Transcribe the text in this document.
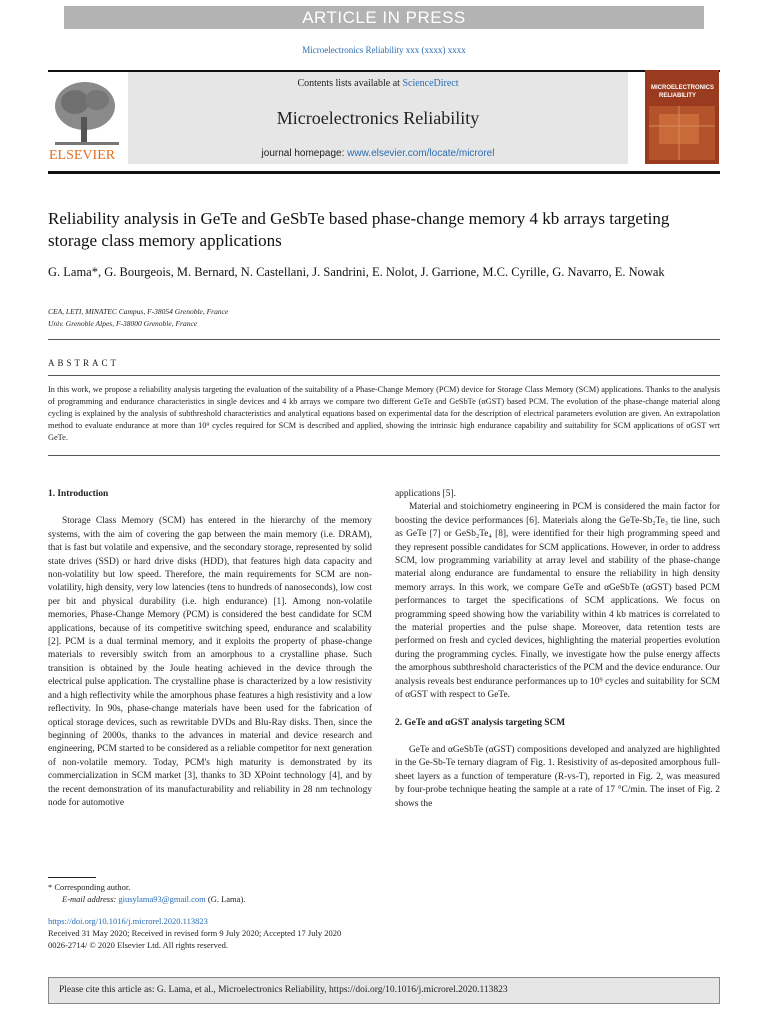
ARTICLE IN PRESS
Microelectronics Reliability xxx (xxxx) xxxx
ELSEVIER
Contents lists available at ScienceDirect
Microelectronics Reliability
journal homepage: www.elsevier.com/locate/microrel
MICROELECTRONICS
RELIABILITY
Reliability analysis in GeTe and GeSbTe based phase-change memory 4 kb arrays targeting storage class memory applications
G. Lama*, G. Bourgeois, M. Bernard, N. Castellani, J. Sandrini, E. Nolot, J. Garrione, M.C. Cyrille, G. Navarro, E. Nowak
CEA, LETI, MINATEC Campus, F-38054 Grenoble, France
Univ. Grenoble Alpes, F-38000 Grenoble, France
ABSTRACT
In this work, we propose a reliability analysis targeting the evaluation of the suitability of a Phase-Change Memory (PCM) device for Storage Class Memory (SCM) applications. Thanks to the analysis of programming and endurance characteristics in single devices and 4 kb arrays we compare two different GeTe and GeSbTe (αGST) based PCM. The evolution of the phase-change material along cycling is explained by the analysis of subthreshold characteristics and analytical equations based on experimental data for the description of electrical parameters evolution are given. An extrapolation method to evaluate endurance at more than 10⁹ cycles required for SCM is described and applied, showing the intrinsic high endurance capability and suitability for SCM applications of αGST wrt GeTe.

1. Introduction

Storage Class Memory (SCM) has entered in the hierarchy of the memory systems, with the aim of covering the gap between the main memory (i.e. DRAM), that is fast but volatile and expensive, and the secondary storage, represented by solid state drives (SSD) or hard drive disks (HDD), that features high data capacity and non-volatility but low speed. Therefore, the main requirements for SCM are non-volatility, high density, very low latencies (tens to hundreds of nanoseconds), low cost per bit and physical durability (i.e. high endurance) [1]. Among non-volatile memories, Phase-Change Memory (PCM) is considered the best candidate for SCM applications, because of its competitive switching speed, endurance and scalability [2]. PCM is a dual terminal memory, and it exploits the property of phase-change materials to reversibly switch from an amorphous to a crystalline phase. Such transition is obtained by the Joule heating achieved in the device through the electrical pulse application. The crystalline phase is characterized by a low resistivity and a high reflectivity while the amorphous phase features a high resistivity and a low reflectivity. In 90s, phase-change materials have been used for the fabrication of optical storage devices, such as rewritable DVDs and Blu-Ray disks. Then, since the beginning of 2000s, thanks to the advances in material and device research and engineering, PCM started to be considered as a reliable competitor for next generation of non-volatile memory. Today, PCM's high maturity is demonstrated by its commercialization in SCM market [3], thanks to 3D XPoint technology [4], and by the recent demonstration of its manufacturability and reliability in 28 nm technology node for automotive

applications [5].

Material and stoichiometry engineering in PCM is considered the main factor for boosting the device performances [6]. Materials along the GeTe-Sb₂Te₃ tie line, such as GeTe [7] or GeSb₂Te₄ [8], were identified for their high programming speed and they represent possible candidates for SCM applications. However, in order to address SCM, low programming variability at array level and stability of the phase-change material along endurance are fundamental to ensure the reliability in high density memory arrays. In this work, we compare GeTe and αGeSbTe (αGST) based PCM performances to target the specifications of SCM applications. We focus on programming speed showing how the variability within 4 kb matrices is correlated to the material properties and the pulse shape. Moreover, data retention tests are performed on fresh and cycled devices, highlighting the material properties evolution during the programming cycles. Finally, we investigate how the pulse energy affects the amorphous subthreshold characteristics of the PCM and the device endurance. Our analysis reveals best endurance performances up to 10⁹ cycles and suitability for SCM of αGST with respect to GeTe.

2. GeTe and αGST analysis targeting SCM

GeTe and αGeSbTe (αGST) compositions developed and analyzed are highlighted in the Ge-Sb-Te ternary diagram of Fig. 1. Resistivity of as-deposited amorphous full-sheet layers as a function of temperature (R-vs-T), reported in Fig. 2, was measured by four-probe technique heating the sample at a rate of 17 °C/min. The inset of Fig. 2 shows the

* Corresponding author.
E-mail address: giusylama93@gmail.com (G. Lama).
https://doi.org/10.1016/j.microrel.2020.113823
Received 31 May 2020; Received in revised form 9 July 2020; Accepted 17 July 2020
0026-2714/ © 2020 Elsevier Ltd. All rights reserved.
Please cite this article as: G. Lama, et al., Microelectronics Reliability, https://doi.org/10.1016/j.microrel.2020.113823
